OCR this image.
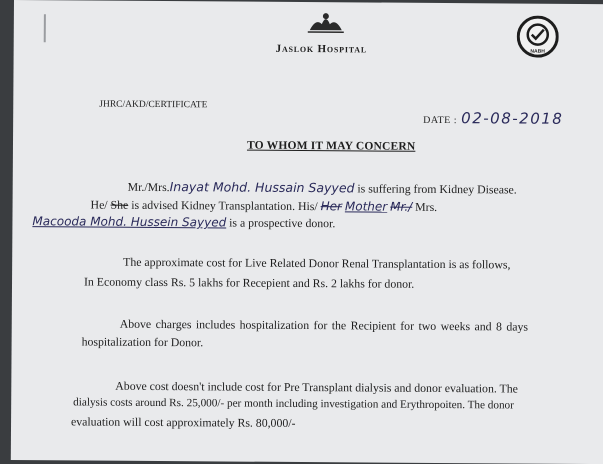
Jaslok Hospital	NABH
JHRC/AKD/CERTIFICATE
DATE : 02-08-2018
TO WHOM IT MAY CONCERN
Mr./Mrs.Inayat Mohd. Hussain Sayyed is suffering from Kidney Disease.
He/ She is advised Kidney Transplantation. His/ Her Mother Mr./ Mrs.
Macooda Mohd. Hussein Sayyed is a prospective donor.
The approximate cost for Live Related Donor Renal Transplantation is as follows,
In Economy class Rs. 5 lakhs for Recepient and Rs. 2 lakhs for donor.
Above charges includes hospitalization for the Recipient for two weeks and 8 days
hospitalization for Donor.
Above cost doesn't include cost for Pre Transplant dialysis and donor evaluation. The
dialysis costs around Rs. 25,000/- per month including investigation and Erythropoiten. The donor
evaluation will cost approximately Rs. 80,000/-
